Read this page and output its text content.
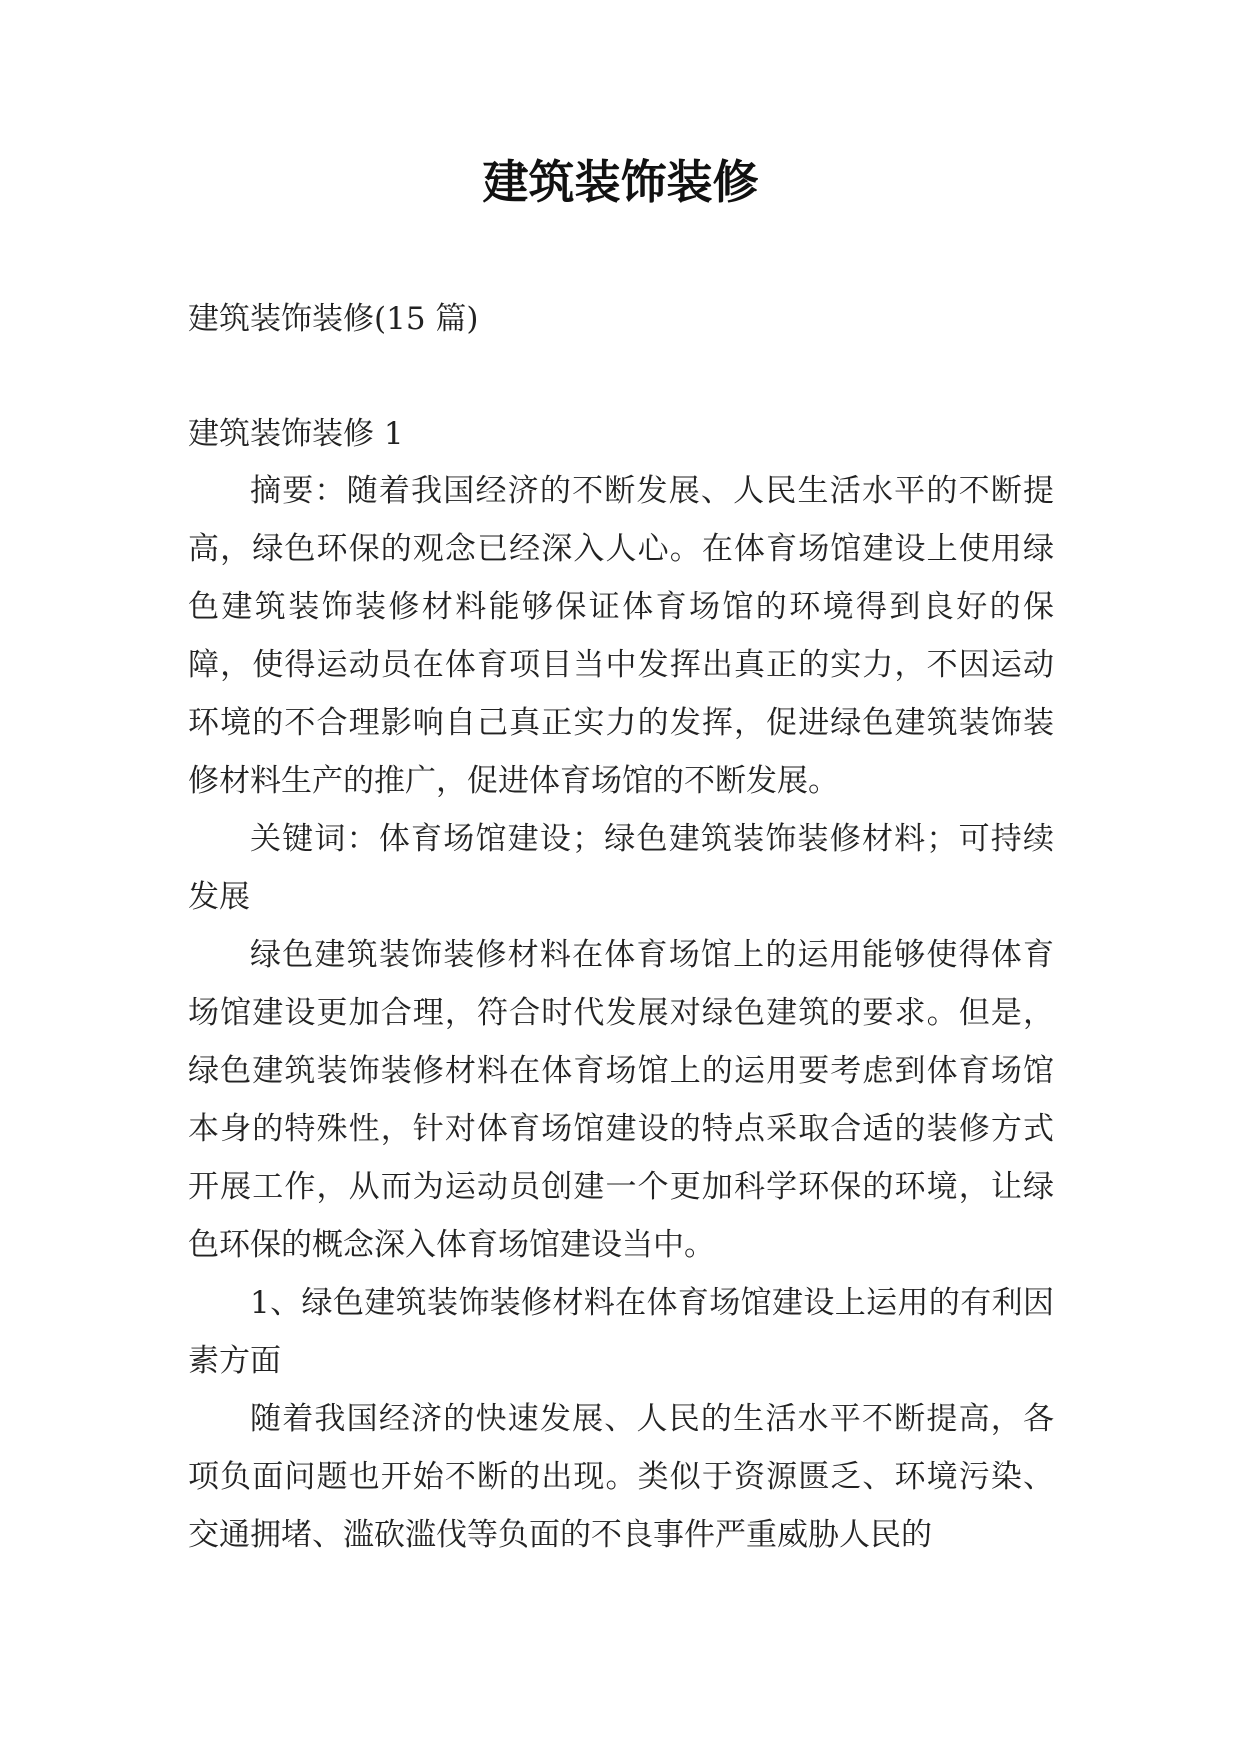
建筑装饰装修
建筑装饰装修(15 篇)
建筑装饰装修 1

摘要：随着我国经济的不断发展、人民生活水平的不断提高，绿色环保的观念已经深入人心。在体育场馆建设上使用绿色建筑装饰装修材料能够保证体育场馆的环境得到良好的保障，使得运动员在体育项目当中发挥出真正的实力，不因运动环境的不合理影响自己真正实力的发挥，促进绿色建筑装饰装修材料生产的推广，促进体育场馆的不断发展。

关键词：体育场馆建设；绿色建筑装饰装修材料；可持续发展

绿色建筑装饰装修材料在体育场馆上的运用能够使得体育场馆建设更加合理，符合时代发展对绿色建筑的要求。但是，绿色建筑装饰装修材料在体育场馆上的运用要考虑到体育场馆本身的特殊性，针对体育场馆建设的特点采取合适的装修方式开展工作，从而为运动员创建一个更加科学环保的环境，让绿色环保的概念深入体育场馆建设当中。

1、绿色建筑装饰装修材料在体育场馆建设上运用的有利因素方面

随着我国经济的快速发展、人民的生活水平不断提高，各项负面问题也开始不断的出现。类似于资源匮乏、环境污染、交通拥堵、滥砍滥伐等负面的不良事件严重威胁人民的
